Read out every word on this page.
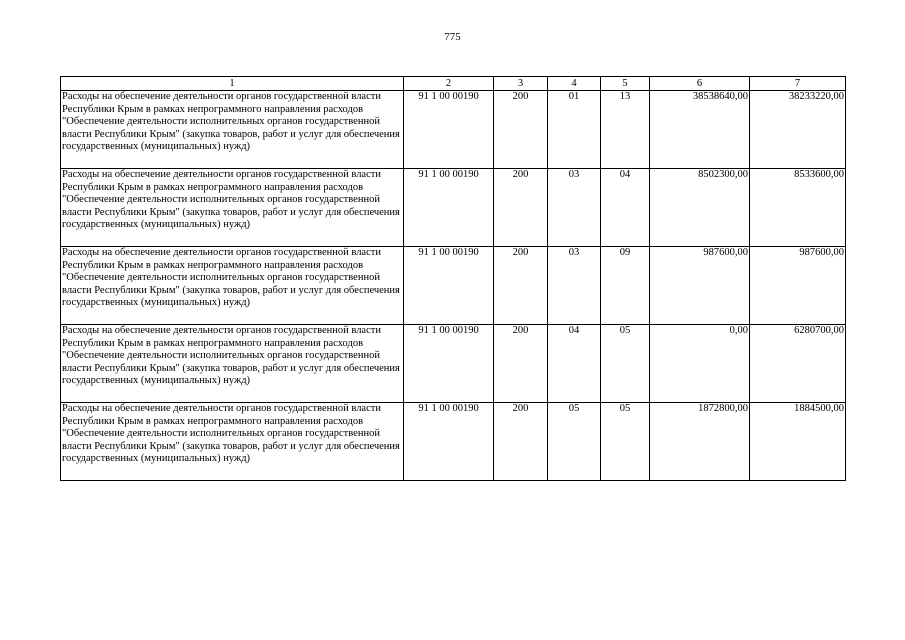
775
1	2	3	4	5	6	7
Расходы на обеспечение деятельности органов государственной власти Республики Крым в рамках непрограммного направления расходов "Обеспечение деятельности исполнительных органов государственной власти Республики Крым" (закупка товаров, работ и услуг для обеспечения государственных (муниципальных) нужд)	91 1 00 00190	200	01	13	38538640,00	38233220,00
Расходы на обеспечение деятельности органов государственной власти Республики Крым в рамках непрограммного направления расходов "Обеспечение деятельности исполнительных органов государственной власти Республики Крым" (закупка товаров, работ и услуг для обеспечения государственных (муниципальных) нужд)	91 1 00 00190	200	03	04	8502300,00	8533600,00
Расходы на обеспечение деятельности органов государственной власти Республики Крым в рамках непрограммного направления расходов "Обеспечение деятельности исполнительных органов государственной власти Республики Крым" (закупка товаров, работ и услуг для обеспечения государственных (муниципальных) нужд)	91 1 00 00190	200	03	09	987600,00	987600,00
Расходы на обеспечение деятельности органов государственной власти Республики Крым в рамках непрограммного направления расходов "Обеспечение деятельности исполнительных органов государственной власти Республики Крым" (закупка товаров, работ и услуг для обеспечения государственных (муниципальных) нужд)	91 1 00 00190	200	04	05	0,00	6280700,00
Расходы на обеспечение деятельности органов государственной власти Республики Крым в рамках непрограммного направления расходов "Обеспечение деятельности исполнительных органов государственной власти Республики Крым" (закупка товаров, работ и услуг для обеспечения государственных (муниципальных) нужд)	91 1 00 00190	200	05	05	1872800,00	1884500,00
